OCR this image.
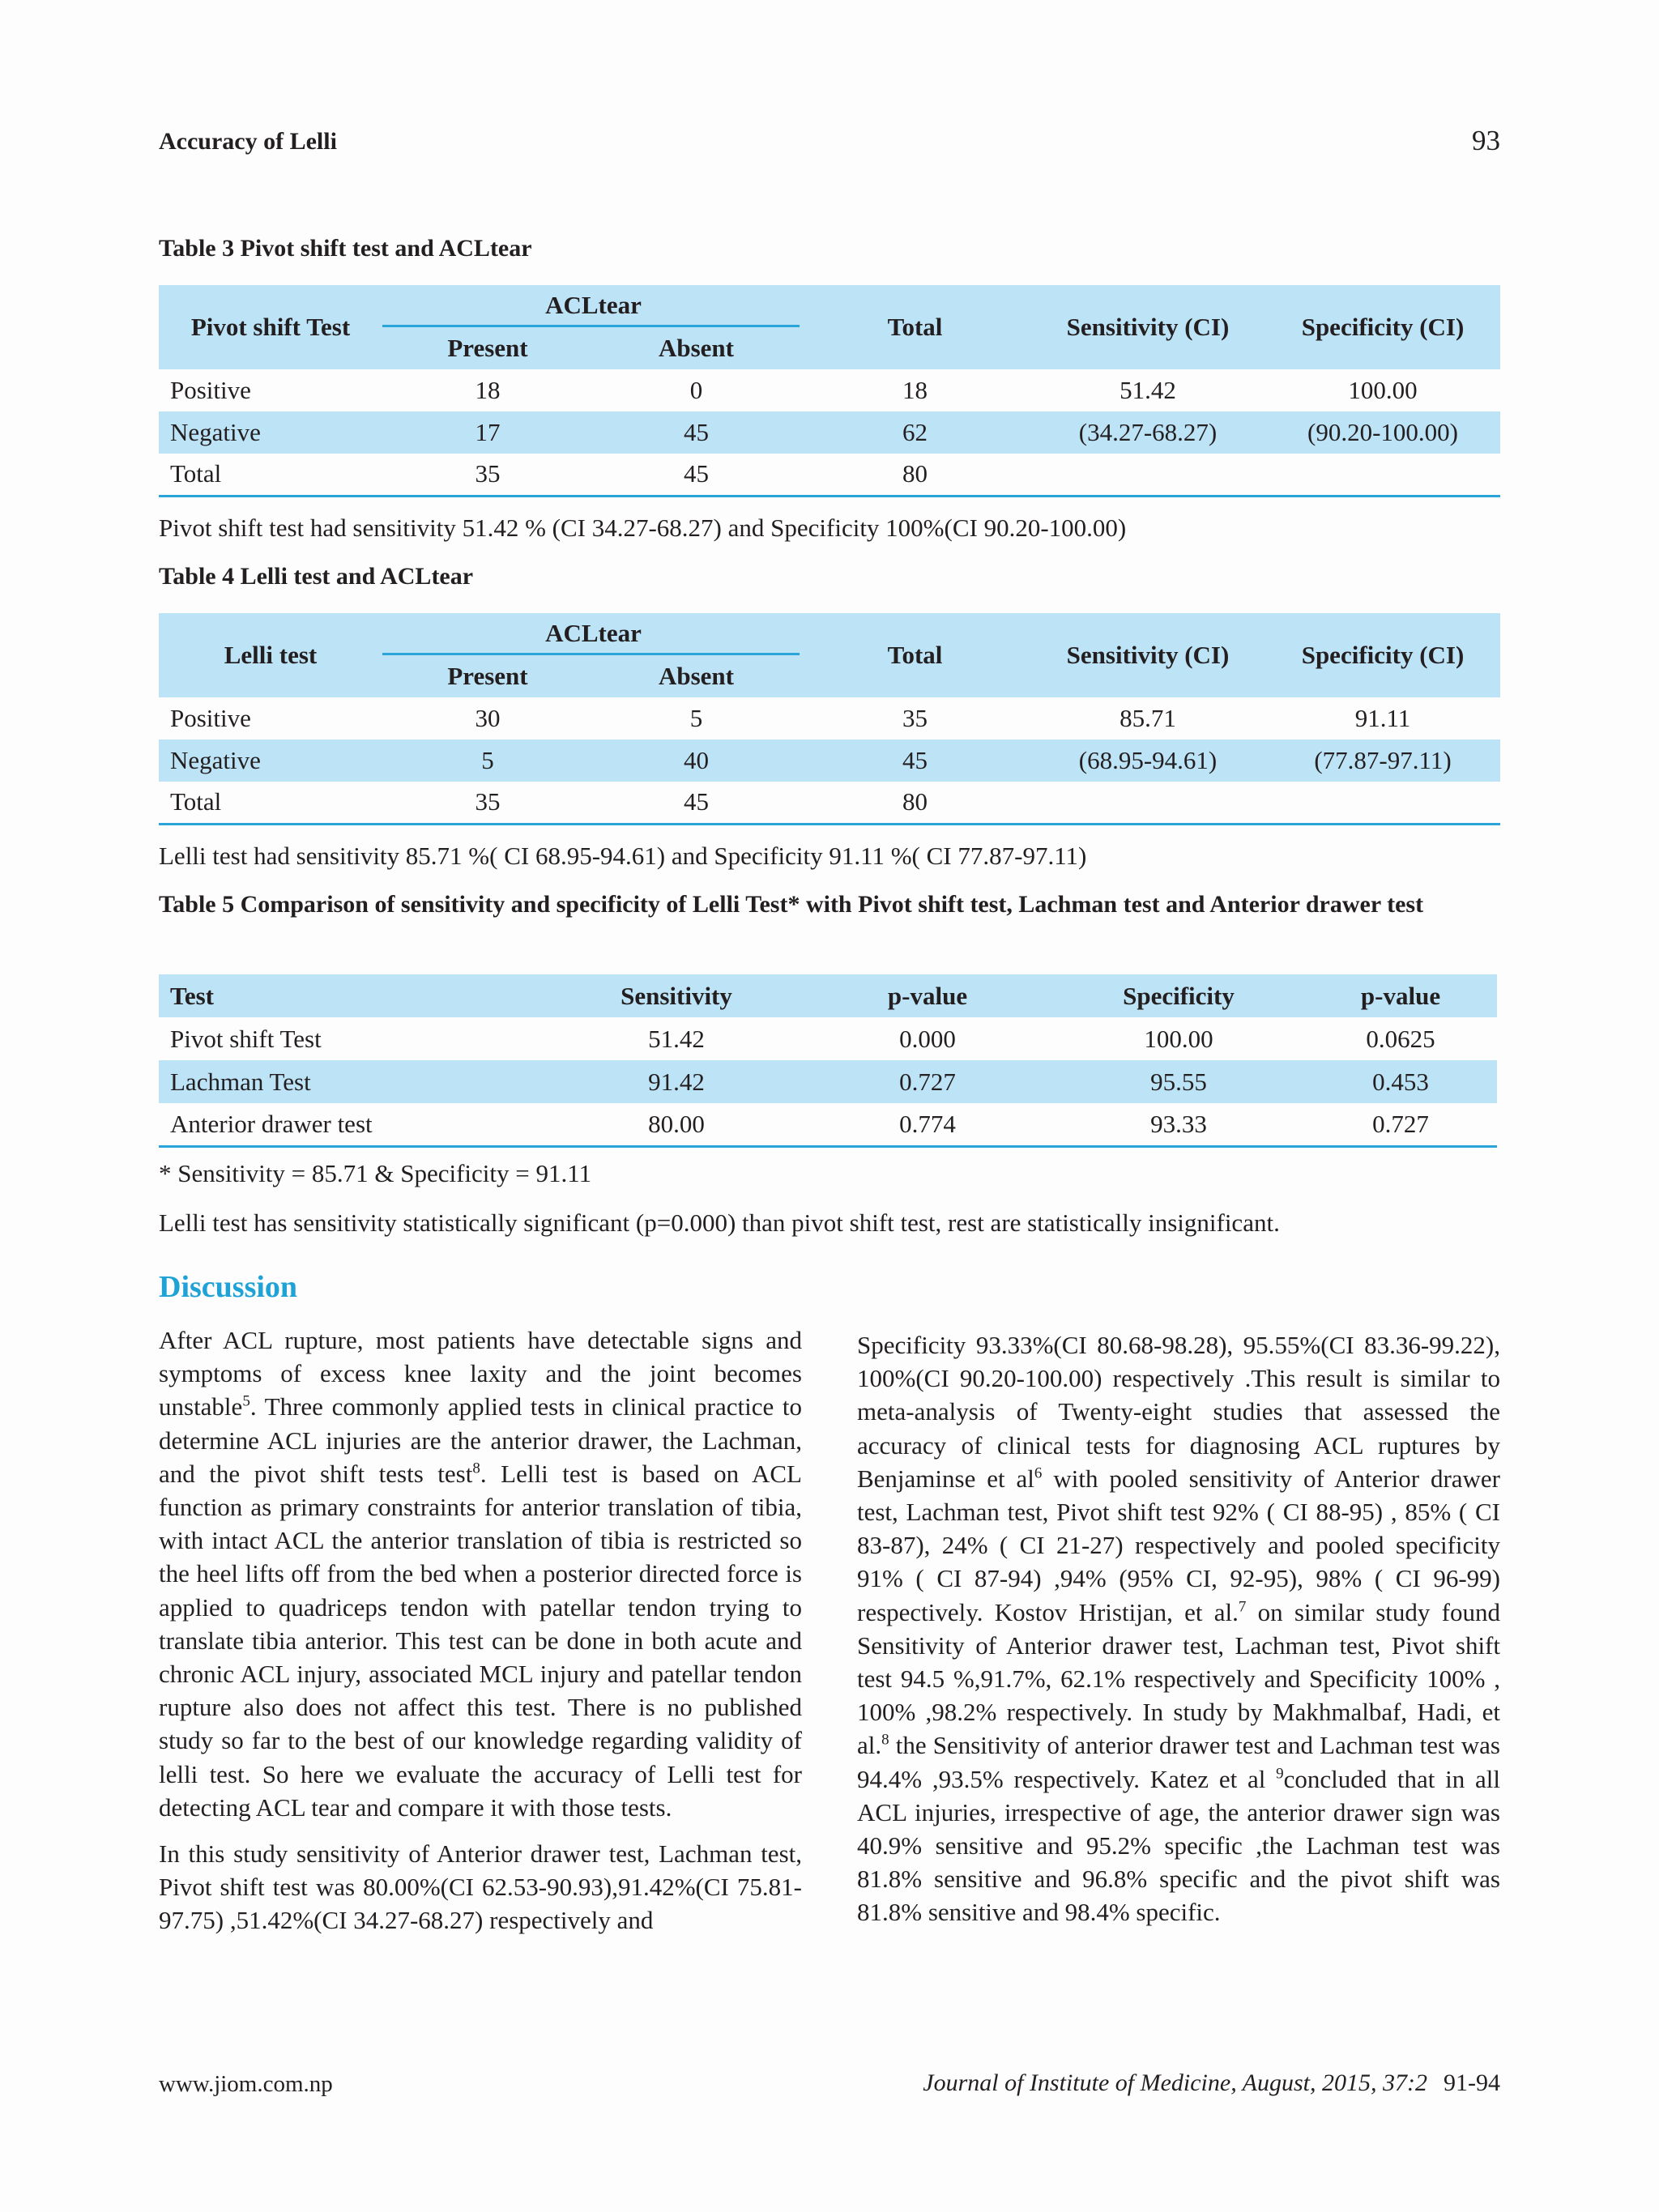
Accuracy of Lelli	93
Table 3 Pivot shift test and ACLtear
Pivot shift Test	ACLtear		Total	Sensitivity (CI)	Specificity (CI)
	Present	Absent			
Positive	18	0	18	51.42	100.00
Negative	17	45	62	(34.27-68.27)	(90.20-100.00)
Total	35	45	80		
Pivot shift test had sensitivity 51.42 % (CI 34.27-68.27) and Specificity 100%(CI 90.20-100.00)
Table 4 Lelli test and ACLtear
Lelli test	ACLtear		Total	Sensitivity (CI)	Specificity (CI)
	Present	Absent			
Positive	30	5	35	85.71	91.11
Negative	5	40	45	(68.95-94.61)	(77.87-97.11)
Total	35	45	80		
Lelli test had sensitivity 85.71 %( CI 68.95-94.61) and Specificity 91.11 %( CI 77.87-97.11)
Table 5 Comparison of sensitivity and specificity of Lelli Test* with Pivot shift test, Lachman test and Anterior drawer test
Test	Sensitivity	p-value	Specificity	p-value
Pivot shift Test	51.42	0.000	100.00	0.0625
Lachman Test	91.42	0.727	95.55	0.453
Anterior drawer test	80.00	0.774	93.33	0.727
* Sensitivity = 85.71 & Specificity = 91.11
Lelli test has sensitivity statistically significant (p=0.000) than pivot shift test, rest are statistically insignificant.
Discussion

After ACL rupture, most patients have detectable signs and symptoms of excess knee laxity and the joint becomes unstable$^5$. Three commonly applied tests in clinical practice to determine ACL injuries are the anterior drawer, the Lachman, and the pivot shift tests test$^8$. Lelli test is based on ACL function as primary constraints for anterior translation of tibia, with intact ACL the anterior translation of tibia is restricted so the heel lifts off from the bed when a posterior directed force is applied to quadriceps tendon with patellar tendon trying to translate tibia anterior. This test can be done in both acute and chronic ACL injury, associated MCL injury and patellar tendon rupture also does not affect this test. There is no published study so far to the best of our knowledge regarding validity of lelli test. So here we evaluate the accuracy of Lelli test for detecting ACL tear and compare it with those tests.

In this study sensitivity of Anterior drawer test, Lachman test, Pivot shift test was 80.00%(CI 62.53-90.93),91.42%(CI 75.81-97.75) ,51.42%(CI 34.27-68.27) respectively and

Specificity 93.33%(CI 80.68-98.28), 95.55%(CI 83.36-99.22), 100%(CI 90.20-100.00) respectively .This result is similar to meta-analysis of Twenty-eight studies that assessed the accuracy of clinical tests for diagnosing ACL ruptures by Benjaminse et $al^6$ with pooled sensitivity of Anterior drawer test, Lachman test, Pivot shift test 92% ( CI 88-95) , 85% ( CI 83-87), 24% ( CI 21-27) respectively and pooled specificity 91% ( CI 87-94) ,94% (95% CI, 92-95), 98% ( CI 96-99) respectively. Kostov Hristijan, et al.$^7$ on similar study found Sensitivity of Anterior drawer test, Lachman test, Pivot shift test 94.5 %,91.7%, 62.1% respectively and Specificity 100% , 100% ,98.2% respectively. In study by Makhmalbaf, Hadi, et al.$^8$ the Sensitivity of anterior drawer test and Lachman test was 94.4% ,93.5% respectively. Katez et al $^9$concluded that in all ACL injuries, irrespective of age, the anterior drawer sign was 40.9% sensitive and 95.2% specific ,the Lachman test was 81.8% sensitive and 96.8% specific and the pivot shift was 81.8% sensitive and 98.4% specific.

www.jiom.com.np	Journal of Institute of Medicine, August, 2015, 37:2 91-94
